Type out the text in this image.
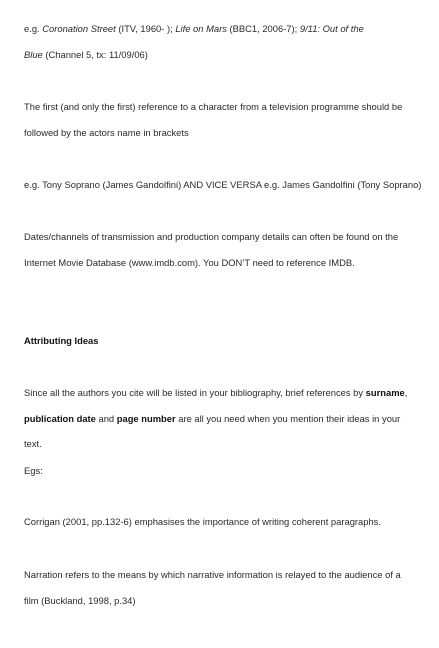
e.g. Coronation Street (ITV, 1960- ); Life on Mars (BBC1, 2006-7); 9/11: Out of the
Blue (Channel 5, tx: 11/09/06)
The first (and only the first) reference to a character from a television programme should be
followed by the actors name in brackets
e.g. Tony Soprano (James Gandolfini) AND VICE VERSA e.g. James Gandolfini (Tony Soprano)
Dates/channels of transmission and production company details can often be found on the
Internet Movie Database (www.imdb.com). You DON’T need to reference IMDB.
Attributing Ideas
Since all the authors you cite will be listed in your bibliography, brief references by surname,
publication date and page number are all you need when you mention their ideas in your
text.
Egs:
Corrigan (2001, pp.132-6) emphasises the importance of writing coherent paragraphs.
Narration refers to the means by which narrative information is relayed to the audience of a
film (Buckland, 1998, p.34)
